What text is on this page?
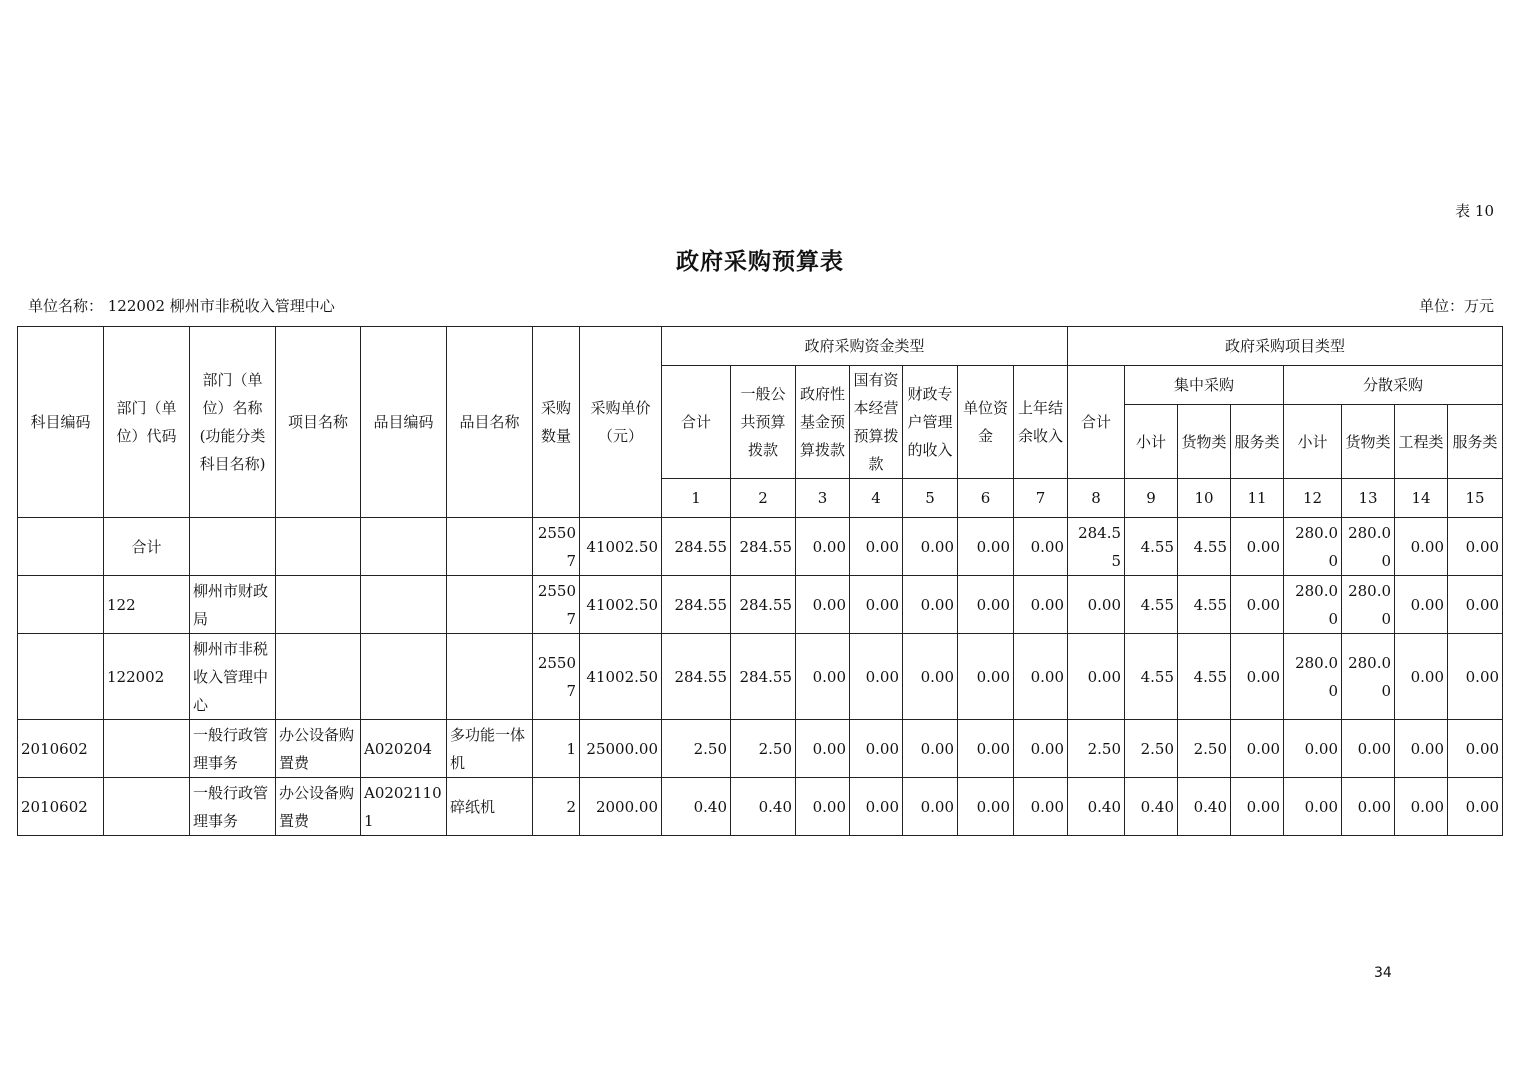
表 10
政府采购预算表
单位名称： 122002 柳州市非税收入管理中心	单位：万元
科目编码	部门（单位）代码	部门（单位）名称(功能分类科目名称)	项目名称	品目编码	品目名称	采购数量	采购单价（元）	政府采购资金类型							政府采购项目类型							
								合计	一般公共预算拨款	政府性基金预算拨款	国有资本经营预算拨款	财政专户管理的收入	单位资金	上年结余收入	合计	集中采购			分散采购			
																小计	货物类	服务类	小计	货物类	工程类	服务类
								1	2	3	4	5	6	7	8	9	10	11	12	13	14	15
	合计					25507	41002.50	284.55	284.55	0.00	0.00	0.00	0.00	0.00	284.55	4.55	4.55	0.00	280.00	280.00	0.00	0.00
	122	柳州市财政局				25507	41002.50	284.55	284.55	0.00	0.00	0.00	0.00	0.00	0.00	4.55	4.55	0.00	280.00	280.00	0.00	0.00
	122002	柳州市非税收入管理中心				25507	41002.50	284.55	284.55	0.00	0.00	0.00	0.00	0.00	0.00	4.55	4.55	0.00	280.00	280.00	0.00	0.00
2010602		一般行政管理事务	办公设备购置费	A020204	多功能一体机	1	25000.00	2.50	2.50	0.00	0.00	0.00	0.00	0.00	2.50	2.50	2.50	0.00	0.00	0.00	0.00	0.00
2010602		一般行政管理事务	办公设备购置费	A02021101	碎纸机	2	2000.00	0.40	0.40	0.00	0.00	0.00	0.00	0.00	0.40	0.40	0.40	0.00	0.00	0.00	0.00	0.00
34
